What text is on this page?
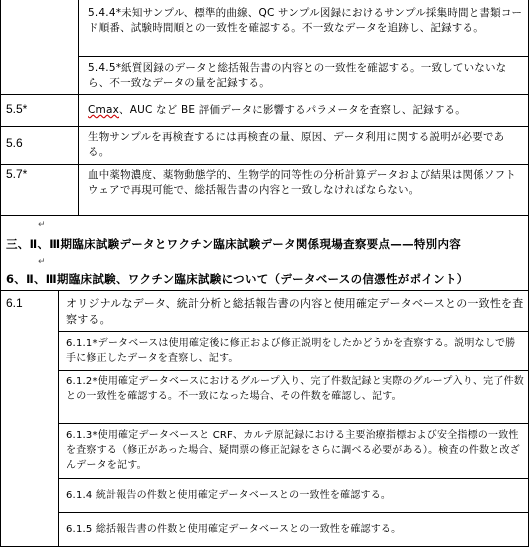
5.4.4*未知サンプル、標準的曲線、QC サンプル図録におけるサンプル採集時間と書類コード順番、試験時間順との一致性を確認する。不一致なデータを追跡し、記録する。
5.4.5*紙質図録のデータと総括報告書の内容との一致性を確認する。一致していないなら、不一致なデータの量を記録する。
5.5*	Cmax、AUC など BE 評価データに影響するパラメータを査察し、記録する。
5.6	生物サンプルを再検査するには再検査の量、原因、データ利用に関する説明が必要である。
5.7*	血中薬物濃度、薬物動態学的、生物学的同等性の分析計算データおよび結果は関係ソフトウェアで再現可能で、総括報告書の内容と一致しなければならない。
↵
三、Ⅱ、Ⅲ期臨床試験データとワクチン臨床試験データ関係現場査察要点——特別内容
↵
6、Ⅱ、Ⅲ期臨床試験、ワクチン臨床試験について（データベースの信憑性がポイント）
6.1	オリジナルなデータ、統計分析と総括報告書の内容と使用確定データベースとの一致性を査察する。
6.1.1*データベースは使用確定後に修正および修正説明をしたかどうかを査察する。説明なしで勝手に修正したデータを査察し、記す。
6.1.2*使用確定データベースにおけるグループ入り、完了件数記録と実際のグループ入り、完了件数との一致性を確認する。不一致になった場合、その件数を確認し、記す。
6.1.3*使用確定データベースと CRF、カルテ原記録における主要治療指標および安全指標の一致性を査察する（修正があった場合、疑問票の修正記録をさらに調べる必要がある）。検査の件数と改ざんデータを記す。
6.1.4 統計報告の件数と使用確定データベースとの一致性を確認する。
6.1.5 総括報告書の件数と使用確定データベースとの一致性を確認する。
